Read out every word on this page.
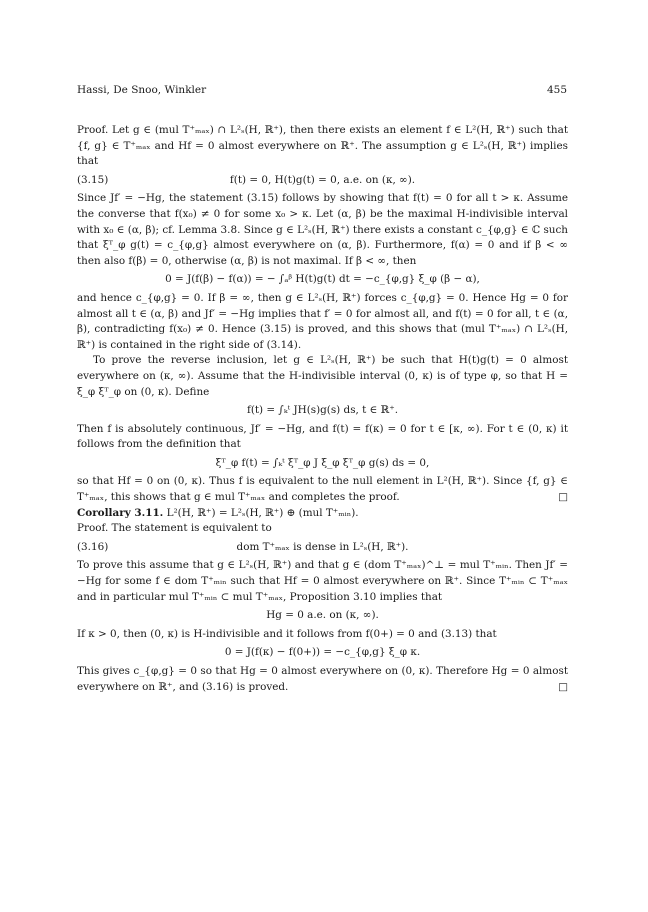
Hassi, De Snoo, Winkler	455

Proof. Let g ∈ (mul T⁺ₘₐₓ) ∩ L²ₛ(H, ℝ⁺), then there exists an element f ∈ L²(H, ℝ⁺) such that {f, g} ∈ T⁺ₘₐₓ and Hf = 0 almost everywhere on ℝ⁺. The assumption g ∈ L²ₛ(H, ℝ⁺) implies that

(3.15)	f(t) = 0, H(t)g(t) = 0, a.e. on (κ, ∞).

Since Jf′ = −Hg, the statement (3.15) follows by showing that f(t) = 0 for all t > κ. Assume the converse that f(x₀) ≠ 0 for some x₀ > κ. Let (α, β) be the maximal H-indivisible interval with x₀ ∈ (α, β); cf. Lemma 3.8. Since g ∈ L²ₛ(H, ℝ⁺) there exists a constant c_{φ,g} ∈ ℂ such that ξᵀ_φ g(t) = c_{φ,g} almost everywhere on (α, β). Furthermore, f(α) = 0 and if β < ∞ then also f(β) = 0, otherwise (α, β) is not maximal. If β < ∞, then

0 = J(f(β) − f(α)) = − ∫ₐᵝ H(t)g(t) dt = −c_{φ,g} ξ_φ (β − α),

and hence c_{φ,g} = 0. If β = ∞, then g ∈ L²ₛ(H, ℝ⁺) forces c_{φ,g} = 0. Hence Hg = 0 for almost all t ∈ (α, β) and Jf′ = −Hg implies that f′ = 0 for almost all, and f(t) = 0 for all, t ∈ (α, β), contradicting f(x₀) ≠ 0. Hence (3.15) is proved, and this shows that (mul T⁺ₘₐₓ) ∩ L²ₛ(H, ℝ⁺) is contained in the right side of (3.14).

To prove the reverse inclusion, let g ∈ L²ₛ(H, ℝ⁺) be such that H(t)g(t) = 0 almost everywhere on (κ, ∞). Assume that the H-indivisible interval (0, κ) is of type φ, so that H = ξ_φ ξᵀ_φ on (0, κ). Define

f(t) = ∫ₖᵗ JH(s)g(s) ds, t ∈ ℝ⁺.

Then f is absolutely continuous, Jf′ = −Hg, and f(t) = f(κ) = 0 for t ∈ [κ, ∞). For t ∈ (0, κ) it follows from the definition that

ξᵀ_φ f(t) = ∫ₖᵗ ξᵀ_φ J ξ_φ ξᵀ_φ g(s) ds = 0,

so that Hf = 0 on (0, κ). Thus f is equivalent to the null element in L²(H, ℝ⁺). Since {f, g} ∈ T⁺ₘₐₓ, this shows that g ∈ mul T⁺ₘₐₓ and completes the proof.	□

Corollary 3.11. L²(H, ℝ⁺) = L²ₛ(H, ℝ⁺) ⊕ (mul T⁺ₘᵢₙ).

Proof. The statement is equivalent to

(3.16)	dom T⁺ₘₐₓ is dense in L²ₛ(H, ℝ⁺).

To prove this assume that g ∈ L²ₛ(H, ℝ⁺) and that g ∈ (dom T⁺ₘₐₓ)^⊥ = mul T⁺ₘᵢₙ. Then Jf′ = −Hg for some f ∈ dom T⁺ₘᵢₙ such that Hf = 0 almost everywhere on ℝ⁺. Since T⁺ₘᵢₙ ⊂ T⁺ₘₐₓ and in particular mul T⁺ₘᵢₙ ⊂ mul T⁺ₘₐₓ, Proposition 3.10 implies that

Hg = 0 a.e. on (κ, ∞).

If κ > 0, then (0, κ) is H-indivisible and it follows from f(0+) = 0 and (3.13) that

0 = J(f(κ) − f(0+)) = −c_{φ,g} ξ_φ κ.

This gives c_{φ,g} = 0 so that Hg = 0 almost everywhere on (0, κ). Therefore Hg = 0 almost everywhere on ℝ⁺, and (3.16) is proved.	□
